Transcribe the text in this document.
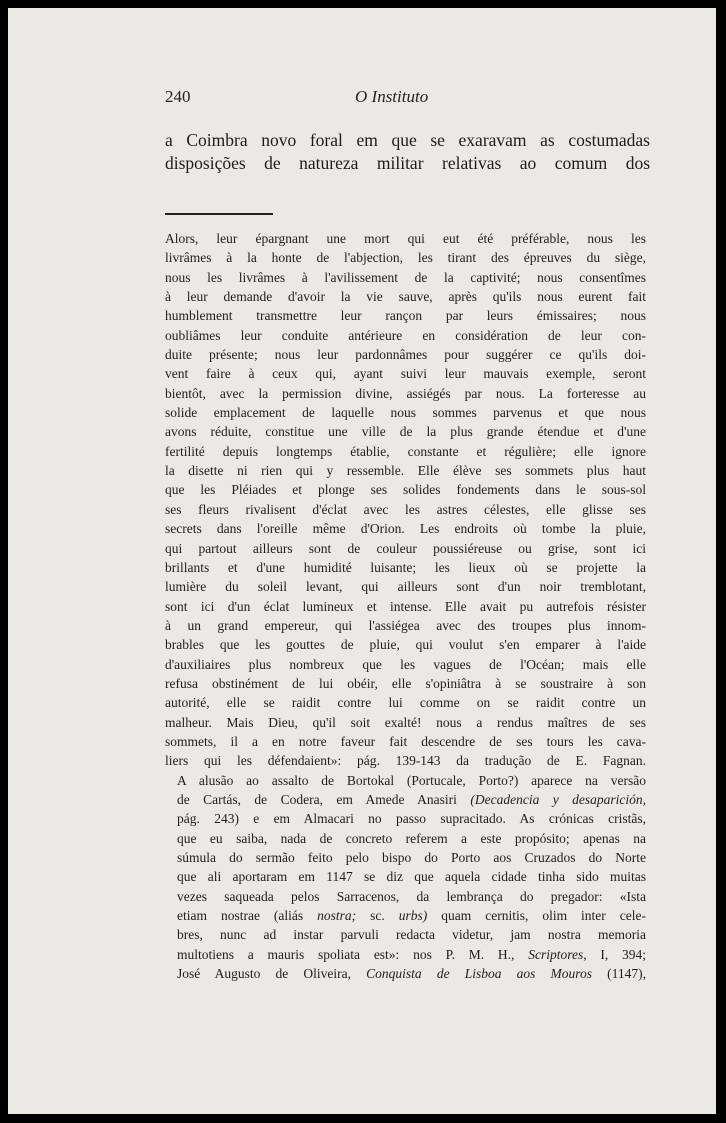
240	O Instituto
a Coimbra novo foral em que se exaravam as costumadas
disposições de natureza militar relativas ao comum dos
Alors, leur épargnant une mort qui eut été préférable, nous les
livrâmes à la honte de l'abjection, les tirant des épreuves du siège,
nous les livrâmes à l'avilissement de la captivité; nous consentîmes
à leur demande d'avoir la vie sauve, après qu'ils nous eurent fait
humblement transmettre leur rançon par leurs émissaires; nous
oubliâmes leur conduite antérieure en considération de leur con-
duite présente; nous leur pardonnâmes pour suggérer ce qu'ils doi-
vent faire à ceux qui, ayant suivi leur mauvais exemple, seront
bientôt, avec la permission divine, assiégés par nous. La forteresse au
solide emplacement de laquelle nous sommes parvenus et que nous
avons réduite, constitue une ville de la plus grande étendue et d'une
fertilité depuis longtemps établie, constante et régulière; elle ignore
la disette ni rien qui y ressemble. Elle élève ses sommets plus haut
que les Pléiades et plonge ses solides fondements dans le sous-sol
ses fleurs rivalisent d'éclat avec les astres célestes, elle glisse ses
secrets dans l'oreille même d'Orion. Les endroits où tombe la pluie,
qui partout ailleurs sont de couleur poussiéreuse ou grise, sont ici
brillants et d'une humidité luisante; les lieux où se projette la
lumière du soleil levant, qui ailleurs sont d'un noir tremblotant,
sont ici d'un éclat lumineux et intense. Elle avait pu autrefois résister
à un grand empereur, qui l'assiégea avec des troupes plus innom-
brables que les gouttes de pluie, qui voulut s'en emparer à l'aide
d'auxiliaires plus nombreux que les vagues de l'Océan; mais elle
refusa obstinément de lui obéir, elle s'opiniâtra à se soustraire à son
autorité, elle se raidit contre lui comme on se raidit contre un
malheur. Mais Dieu, qu'il soit exalté! nous a rendus maîtres de ses
sommets, il a en notre faveur fait descendre de ses tours les cava-
liers qui les défendaient»: pág. 139-143 da tradução de E. Fagnan.
A alusão ao assalto de Bortokal (Portucale, Porto?) aparece na versão
de Cartás, de Codera, em Amede Anasiri (Decadencia y desaparición,
pág. 243) e em Almacari no passo supracitado. As crónicas cristãs,
que eu saiba, nada de concreto referem a este propósito; apenas na
súmula do sermão feito pelo bispo do Porto aos Cruzados do Norte
que ali aportaram em 1147 se diz que aquela cidade tinha sido muitas
vezes saqueada pelos Sarracenos, da lembrança do pregador: «Ista
etiam nostrae (aliás nostra; sc. urbs) quam cernitis, olim inter cele-
bres, nunc ad instar parvuli redacta videtur, jam nostra memoria
multotiens a mauris spoliata est»: nos P. M. H., Scriptores, I, 394;
José Augusto de Oliveira, Conquista de Lisboa aos Mouros (1147),
